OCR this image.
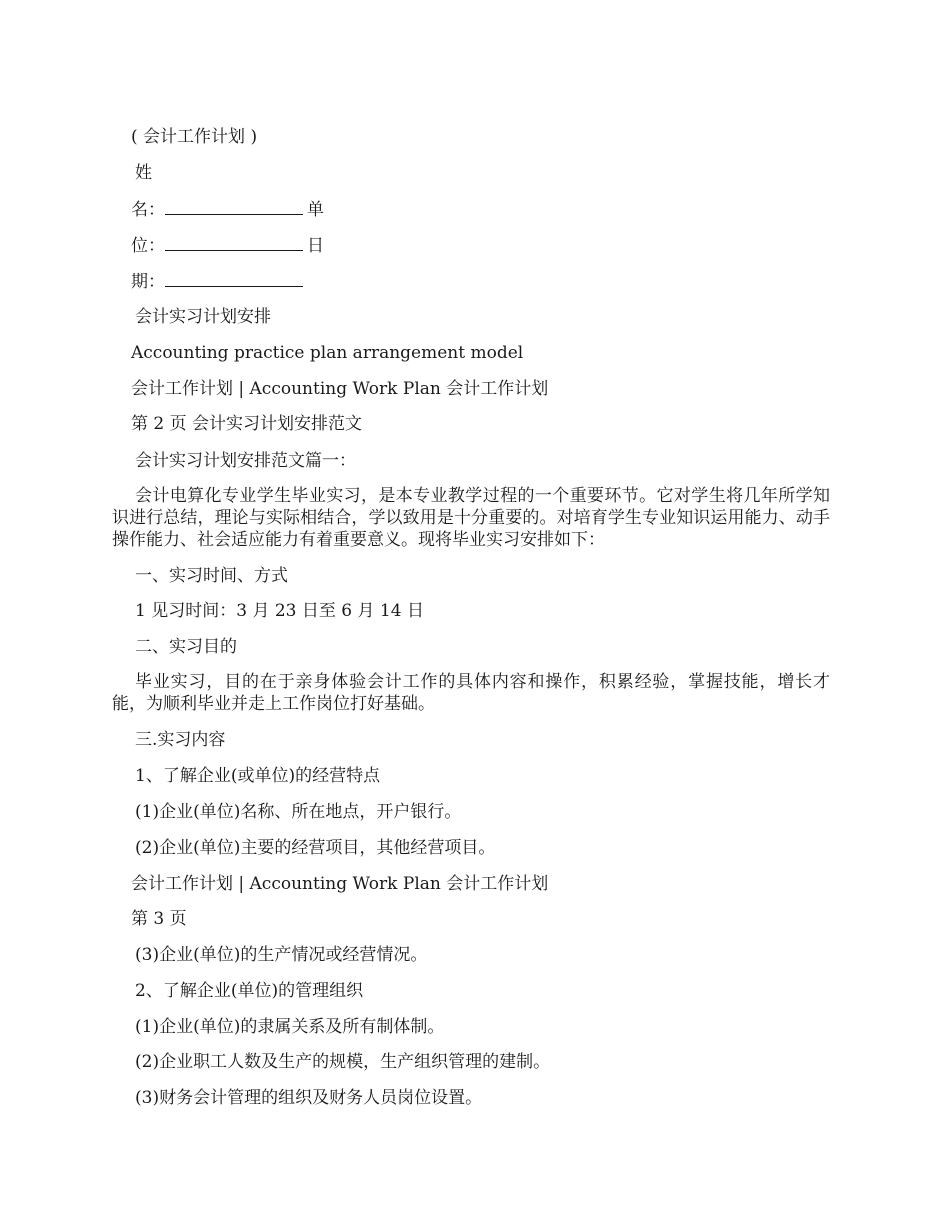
( 会计工作计划 )
姓
名：	单
位：	日
期：
会计实习计划安排
Accounting practice plan arrangement model
会计工作计划 | Accounting Work Plan 会计工作计划
第 2 页 会计实习计划安排范文
会计实习计划安排范文篇一：
会计电算化专业学生毕业实习，是本专业教学过程的一个重要环节。它对学生将几年所学知识进行总结，理论与实际相结合，学以致用是十分重要的。对培育学生专业知识运用能力、动手操作能力、社会适应能力有着重要意义。现将毕业实习安排如下：
一、实习时间、方式
1 见习时间：3 月 23 日至 6 月 14 日
二、实习目的
毕业实习，目的在于亲身体验会计工作的具体内容和操作，积累经验，掌握技能，增长才能，为顺利毕业并走上工作岗位打好基础。
三.实习内容
1、了解企业(或单位)的经营特点
(1)企业(单位)名称、所在地点，开户银行。
(2)企业(单位)主要的经营项目，其他经营项目。
会计工作计划 | Accounting Work Plan 会计工作计划
第 3 页
(3)企业(单位)的生产情况或经营情况。
2、了解企业(单位)的管理组织
(1)企业(单位)的隶属关系及所有制体制。
(2)企业职工人数及生产的规模，生产组织管理的建制。
(3)财务会计管理的组织及财务人员岗位设置。
